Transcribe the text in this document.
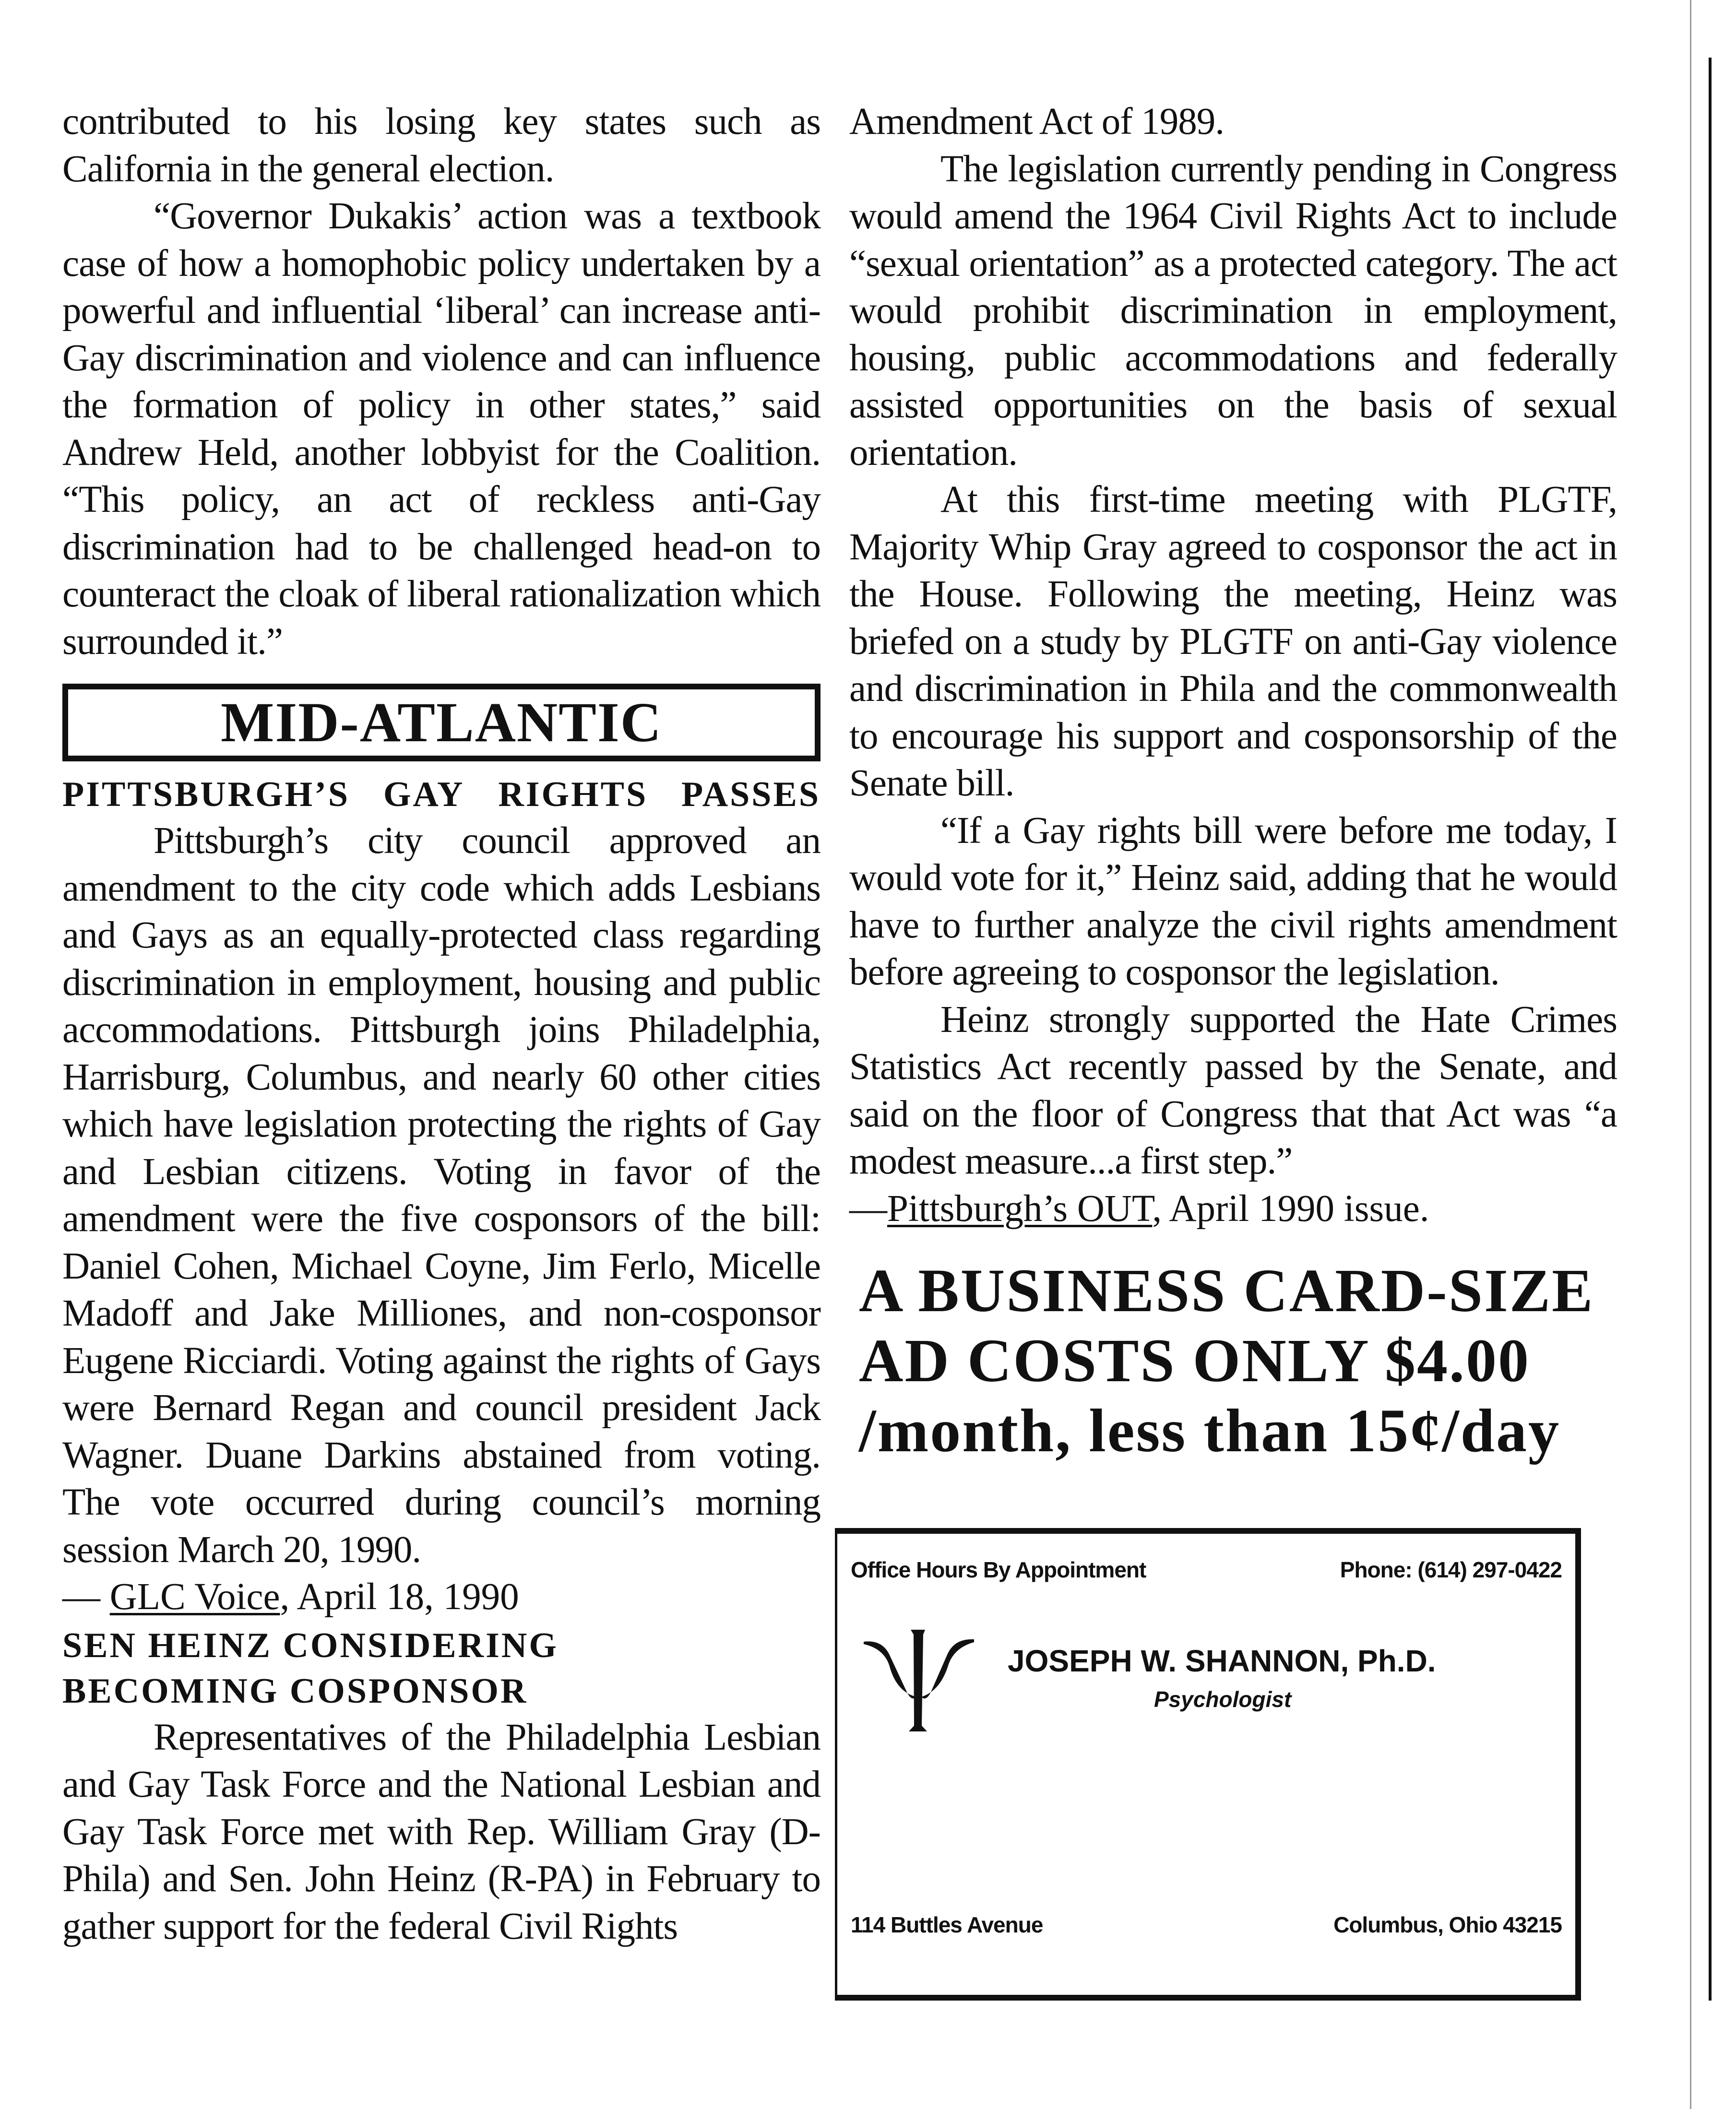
contributed to his losing key states such as California in the general election.

“Governor Dukakis’ action was a textbook case of how a homophobic policy undertaken by a powerful and influential ‘liberal’ can increase anti-Gay discrimination and violence and can influence the formation of policy in other states,” said Andrew Held, another lobbyist for the Coalition. “This policy, an act of reckless anti-Gay discrimination had to be challenged head-on to counteract the cloak of liberal rationalization which surrounded it.”

MID-ATLANTIC
PITTSBURGH’S GAY RIGHTS PASSES

Pittsburgh’s city council approved an amendment to the city code which adds Lesbians and Gays as an equally-protected class regarding discrimination in employment, housing and public accommodations. Pittsburgh joins Philadelphia, Harrisburg, Columbus, and nearly 60 other cities which have legislation protecting the rights of Gay and Lesbian citizens. Voting in favor of the amendment were the five cosponsors of the bill: Daniel Cohen, Michael Coyne, Jim Ferlo, Micelle Madoff and Jake Milliones, and non-cosponsor Eugene Ricciardi. Voting against the rights of Gays were Bernard Regan and council president Jack Wagner. Duane Darkins abstained from voting. The vote occurred during council’s morning session March 20, 1990.

— GLC Voice, April 18, 1990

SEN HEINZ CONSIDERING

BECOMING COSPONSOR

Representatives of the Philadelphia Lesbian and Gay Task Force and the National Lesbian and Gay Task Force met with Rep. William Gray (D-Phila) and Sen. John Heinz (R-PA) in February to gather support for the federal Civil Rights

Amendment Act of 1989.

The legislation currently pending in Congress would amend the 1964 Civil Rights Act to include “sexual orientation” as a protected category. The act would prohibit discrimination in employment, housing, public accommodations and federally assisted opportunities on the basis of sexual orientation.

At this first-time meeting with PLGTF, Majority Whip Gray agreed to cosponsor the act in the House. Following the meeting, Heinz was briefed on a study by PLGTF on anti-Gay violence and discrimination in Phila and the commonwealth to encourage his support and cosponsorship of the Senate bill.

“If a Gay rights bill were before me today, I would vote for it,” Heinz said, adding that he would have to further analyze the civil rights amendment before agreeing to cosponsor the legislation.

Heinz strongly supported the Hate Crimes Statistics Act recently passed by the Senate, and said on the floor of Congress that that Act was “a modest measure...a first step.”

—Pittsburgh’s OUT, April 1990 issue.

A BUSINESS CARD-SIZE
AD COSTS ONLY $4.00
/month, less than 15¢/day
Office Hours By Appointment	Phone: (614) 297-0422
JOSEPH W. SHANNON, Ph.D.
Psychologist
114 Buttles Avenue	Columbus, Ohio 43215
